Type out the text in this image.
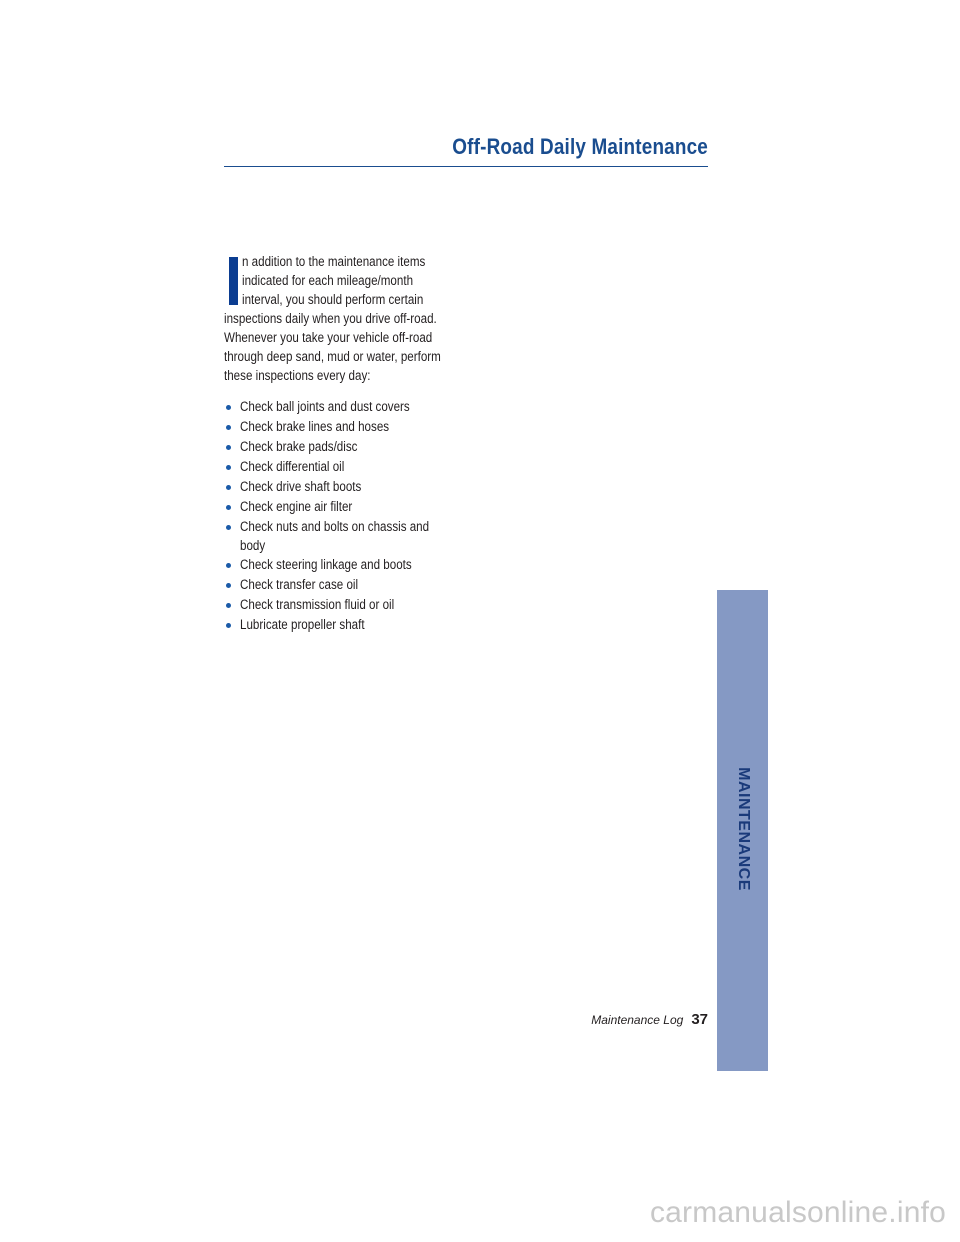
Off-Road Daily Maintenance
n addition to the maintenance items
indicated for each mileage/month
interval, you should perform certain
inspections daily when you drive off-road.
Whenever you take your vehicle off-road
through deep sand, mud or water, perform
these inspections every day:
Check ball joints and dust covers
Check brake lines and hoses
Check brake pads/disc
Check differential oil
Check drive shaft boots
Check engine air filter
Check nuts and bolts on chassis and
body
Check steering linkage and boots
Check transfer case oil
Check transmission fluid or oil
Lubricate propeller shaft
MAINTENANCE
Maintenance Log 37
carmanualsonline.info
